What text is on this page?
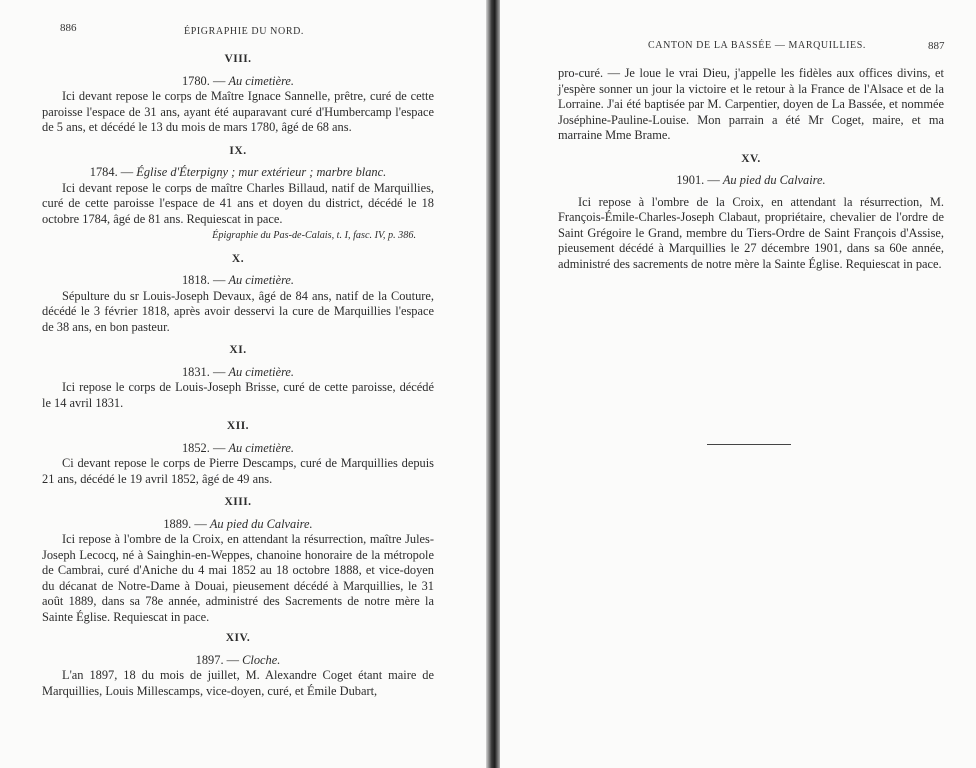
886	ÉPIGRAPHIE DU NORD.
VIII.
1780. — Au cimetière.

Ici devant repose le corps de Maître Ignace Sannelle, prêtre, curé de cette paroisse l'espace de 31 ans, ayant été auparavant curé d'Humbercamp l'espace de 5 ans, et décédé le 13 du mois de mars 1780, âgé de 68 ans.

IX.
1784. — Église d'Éterpigny ; mur extérieur ; marbre blanc.

Ici devant repose le corps de maître Charles Billaud, natif de Marquillies, curé de cette paroisse l'espace de 41 ans et doyen du district, décédé le 18 octobre 1784, âgé de 81 ans. Requiescat in pace.

Épigraphie du Pas-de-Calais, t. I, fasc. IV, p. 386.
X.
1818. — Au cimetière.

Sépulture du sr Louis-Joseph Devaux, âgé de 84 ans, natif de la Couture, décédé le 3 février 1818, après avoir desservi la cure de Marquillies l'espace de 38 ans, en bon pasteur.

XI.
1831. — Au cimetière.

Ici repose le corps de Louis-Joseph Brisse, curé de cette paroisse, décédé le 14 avril 1831.

XII.
1852. — Au cimetière.

Ci devant repose le corps de Pierre Descamps, curé de Marquillies depuis 21 ans, décédé le 19 avril 1852, âgé de 49 ans.

XIII.
1889. — Au pied du Calvaire.

Ici repose à l'ombre de la Croix, en attendant la résurrection, maître Jules-Joseph Lecocq, né à Sainghin-en-Weppes, chanoine honoraire de la métropole de Cambrai, curé d'Aniche du 4 mai 1852 au 18 octobre 1888, et vice-doyen du décanat de Notre-Dame à Douai, pieusement décédé à Marquillies, le 31 août 1889, dans sa 78e année, administré des Sacrements de notre mère la Sainte Église. Requiescat in pace.

XIV.
1897. — Cloche.

L'an 1897, 18 du mois de juillet, M. Alexandre Coget étant maire de Marquillies, Louis Millescamps, vice-doyen, curé, et Émile Dubart,

CANTON DE LA BASSÉE — MARQUILLIES.	887

pro-curé. — Je loue le vrai Dieu, j'appelle les fidèles aux offices divins, et j'espère sonner un jour la victoire et le retour à la France de l'Alsace et de la Lorraine. J'ai été baptisée par M. Carpentier, doyen de La Bassée, et nommée Joséphine-Pauline-Louise. Mon parrain a été Mr Coget, maire, et ma marraine Mme Brame.

XV.
1901. — Au pied du Calvaire.

Ici repose à l'ombre de la Croix, en attendant la résurrection, M. François-Émile-Charles-Joseph Clabaut, propriétaire, chevalier de l'ordre de Saint Grégoire le Grand, membre du Tiers-Ordre de Saint François d'Assise, pieusement décédé à Marquillies le 27 décembre 1901, dans sa 60e année, administré des sacrements de notre mère la Sainte Église. Requiescat in pace.
